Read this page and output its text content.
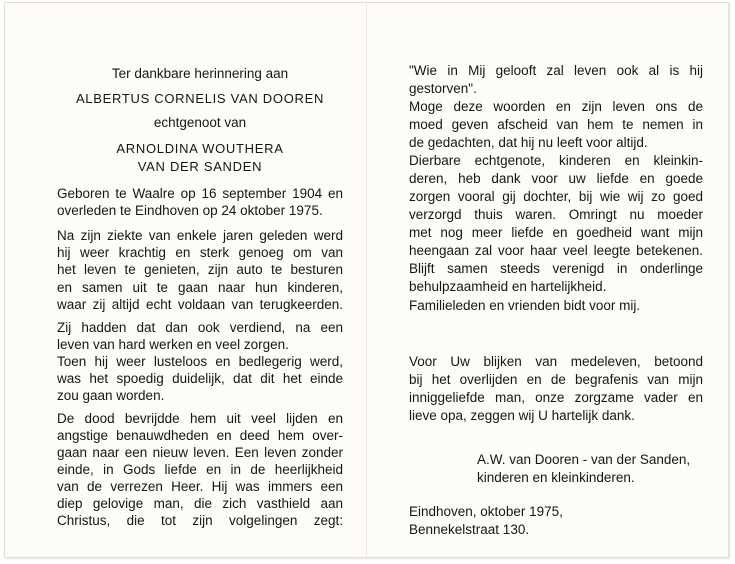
Ter dankbare herinnering aan
ALBERTUS CORNELIS VAN DOOREN
echtgenoot van
ARNOLDINA WOUTHERA
VAN DER SANDEN
Geboren te Waalre op 16 september 1904 en
overleden te Eindhoven op 24 oktober 1975.
Na zijn ziekte van enkele jaren geleden werd
hij weer krachtig en sterk genoeg om van
het leven te genieten, zijn auto te besturen
en samen uit te gaan naar hun kinderen,
waar zij altijd echt voldaan van terugkeerden.
Zij hadden dat dan ook verdiend, na een
leven van hard werken en veel zorgen.
Toen hij weer lusteloos en bedlegerig werd,
was het spoedig duidelijk, dat dit het einde
zou gaan worden.
De dood bevrijdde hem uit veel lijden en
angstige benauwdheden en deed hem over-
gaan naar een nieuw leven. Een leven zonder
einde, in Gods liefde en in de heerlijkheid
van de verrezen Heer. Hij was immers een
diep gelovige man, die zich vasthield aan
Christus, die tot zijn volgelingen zegt:
"Wie in Mij gelooft zal leven ook al is hij
gestorven".
Moge deze woorden en zijn leven ons de
moed geven afscheid van hem te nemen in
de gedachten, dat hij nu leeft voor altijd.
Dierbare echtgenote, kinderen en kleinkin-
deren, heb dank voor uw liefde en goede
zorgen vooral gij dochter, bij wie wij zo goed
verzorgd thuis waren. Omringt nu moeder
met nog meer liefde en goedheid want mijn
heengaan zal voor haar veel leegte betekenen.
Blijft samen steeds verenigd in onderlinge
behulpzaamheid en hartelijkheid.
Familieleden en vrienden bidt voor mij.
Voor Uw blijken van medeleven, betoond
bij het overlijden en de begrafenis van mijn
inniggeliefde man, onze zorgzame vader en
lieve opa, zeggen wij U hartelijk dank.
A.W. van Dooren - van der Sanden,
kinderen en kleinkinderen.
Eindhoven, oktober 1975,
Bennekelstraat 130.
